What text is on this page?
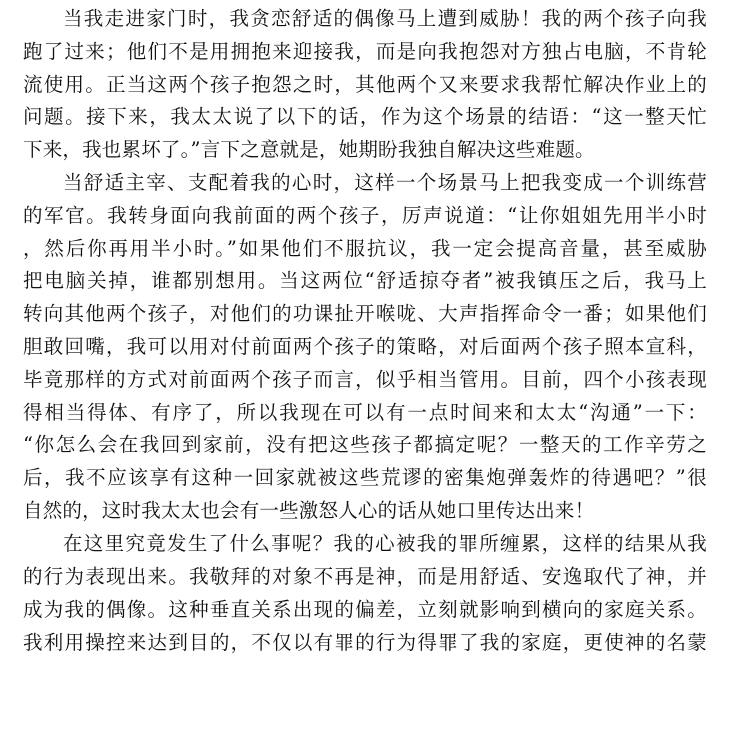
当我走进家门时，我贪恋舒适的偶像马上遭到威胁！我的两个孩子向我
跑了过来；他们不是用拥抱来迎接我，而是向我抱怨对方独占电脑，不肯轮
流使用。正当这两个孩子抱怨之时，其他两个又来要求我帮忙解决作业上的
问题。接下来，我太太说了以下的话，作为这个场景的结语：“这一整天忙
下来，我也累坏了。”言下之意就是，她期盼我独自解决这些难题。
当舒适主宰、支配着我的心时，这样一个场景马上把我变成一个训练营
的军官。我转身面向我前面的两个孩子，厉声说道：“让你姐姐先用半小时
，然后你再用半小时。”如果他们不服抗议，我一定会提高音量，甚至威胁
把电脑关掉，谁都别想用。当这两位“舒适掠夺者”被我镇压之后，我马上
转向其他两个孩子，对他们的功课扯开喉咙、大声指挥命令一番；如果他们
胆敢回嘴，我可以用对付前面两个孩子的策略，对后面两个孩子照本宣科，
毕竟那样的方式对前面两个孩子而言，似乎相当管用。目前，四个小孩表现
得相当得体、有序了，所以我现在可以有一点时间来和太太“沟通”一下：
“你怎么会在我回到家前，没有把这些孩子都搞定呢？一整天的工作辛劳之
后，我不应该享有这种一回家就被这些荒谬的密集炮弹轰炸的待遇吧？”很
自然的，这时我太太也会有一些激怒人心的话从她口里传达出来！
在这里究竟发生了什么事呢？我的心被我的罪所缠累，这样的结果从我
的行为表现出来。我敬拜的对象不再是神，而是用舒适、安逸取代了神，并
成为我的偶像。这种垂直关系出现的偏差，立刻就影响到横向的家庭关系。
我利用操控来达到目的，不仅以有罪的行为得罪了我的家庭，更使神的名蒙
